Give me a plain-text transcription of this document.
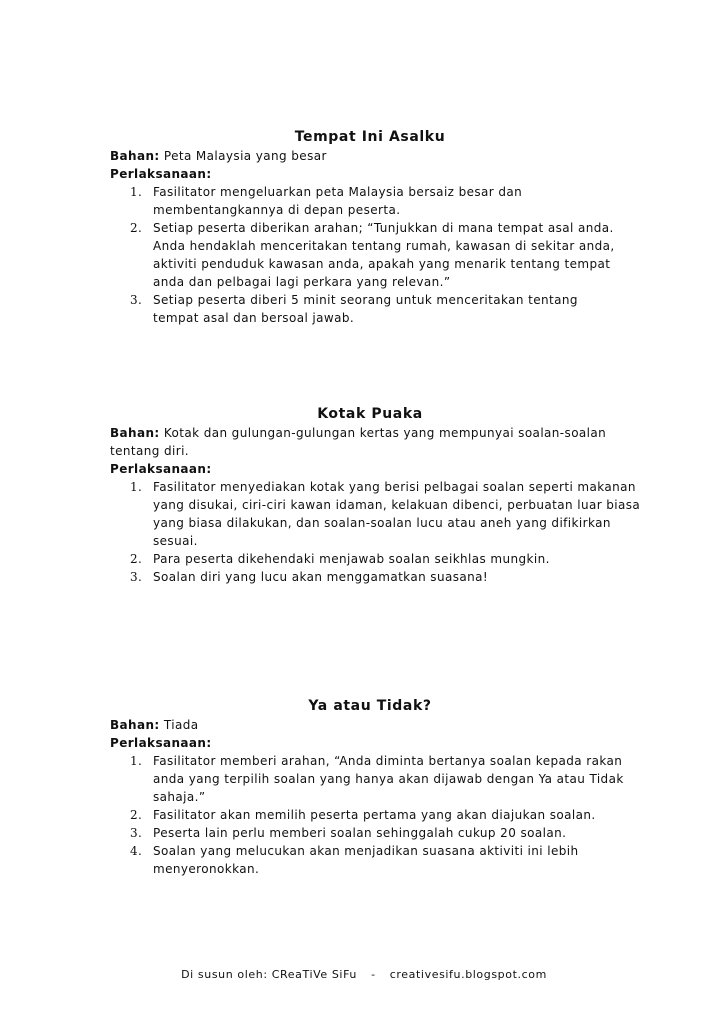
Tempat Ini Asalku
Bahan: Peta Malaysia yang besar
Perlaksanaan:
1. Fasilitator mengeluarkan peta Malaysia bersaiz besar dan
membentangkannya di depan peserta.
2. Setiap peserta diberikan arahan; “Tunjukkan di mana tempat asal anda.
Anda hendaklah menceritakan tentang rumah, kawasan di sekitar anda,
aktiviti penduduk kawasan anda, apakah yang menarik tentang tempat
anda dan pelbagai lagi perkara yang relevan.”
3. Setiap peserta diberi 5 minit seorang untuk menceritakan tentang
tempat asal dan bersoal jawab.
Kotak Puaka
Bahan: Kotak dan gulungan-gulungan kertas yang mempunyai soalan-soalan
tentang diri.
Perlaksanaan:
1. Fasilitator menyediakan kotak yang berisi pelbagai soalan seperti makanan
yang disukai, ciri-ciri kawan idaman, kelakuan dibenci, perbuatan luar biasa
yang biasa dilakukan, dan soalan-soalan lucu atau aneh yang difikirkan
sesuai.
2. Para peserta dikehendaki menjawab soalan seikhlas mungkin.
3. Soalan diri yang lucu akan menggamatkan suasana!
Ya atau Tidak?
Bahan: Tiada
Perlaksanaan:
1. Fasilitator memberi arahan, “Anda diminta bertanya soalan kepada rakan
anda yang terpilih soalan yang hanya akan dijawab dengan Ya atau Tidak
sahaja.”
2. Fasilitator akan memilih peserta pertama yang akan diajukan soalan.
3. Peserta lain perlu memberi soalan sehinggalah cukup 20 soalan.
4. Soalan yang melucukan akan menjadikan suasana aktiviti ini lebih
menyeronokkan.
Di susun oleh: CReaTiVe SiFu - creativesifu.blogspot.com
